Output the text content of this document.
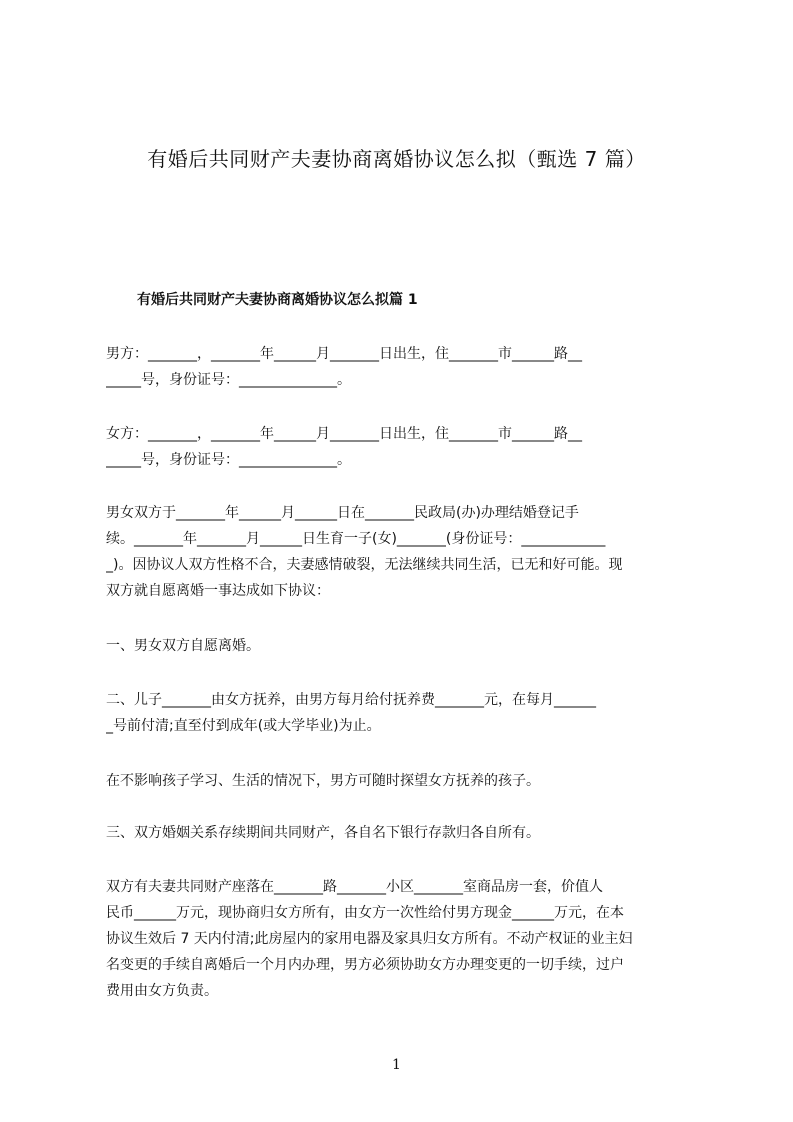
有婚后共同财产夫妻协商离婚协议怎么拟（甄选 7 篇）
有婚后共同财产夫妻协商离婚协议怎么拟篇 1
男方：_______，_______年______月_______日出生，住_______市______路__
_____号，身份证号：______________。
女方：_______，_______年______月_______日出生，住_______市______路__
_____号，身份证号：______________。
男女双方于_______年______月______日在_______民政局(办)办理结婚登记手
续。_______年_______月______日生育一子(女)_______(身份证号：____________
_)。因协议人双方性格不合，夫妻感情破裂，无法继续共同生活，已无和好可能。现
双方就自愿离婚一事达成如下协议：
一、男女双方自愿离婚。
二、儿子_______由女方抚养，由男方每月给付抚养费_______元，在每月______
_号前付清;直至付到成年(或大学毕业)为止。
在不影响孩子学习、生活的情况下，男方可随时探望女方抚养的孩子。
三、双方婚姻关系存续期间共同财产，各自名下银行存款归各自所有。
双方有夫妻共同财产座落在_______路_______小区_______室商品房一套，价值人
民币______万元，现协商归女方所有，由女方一次性给付男方现金______万元，在本
协议生效后 7 天内付清;此房屋内的家用电器及家具归女方所有。不动产权证的业主妇
名变更的手续自离婚后一个月内办理，男方必须协助女方办理变更的一切手续，过户
费用由女方负责。
1
